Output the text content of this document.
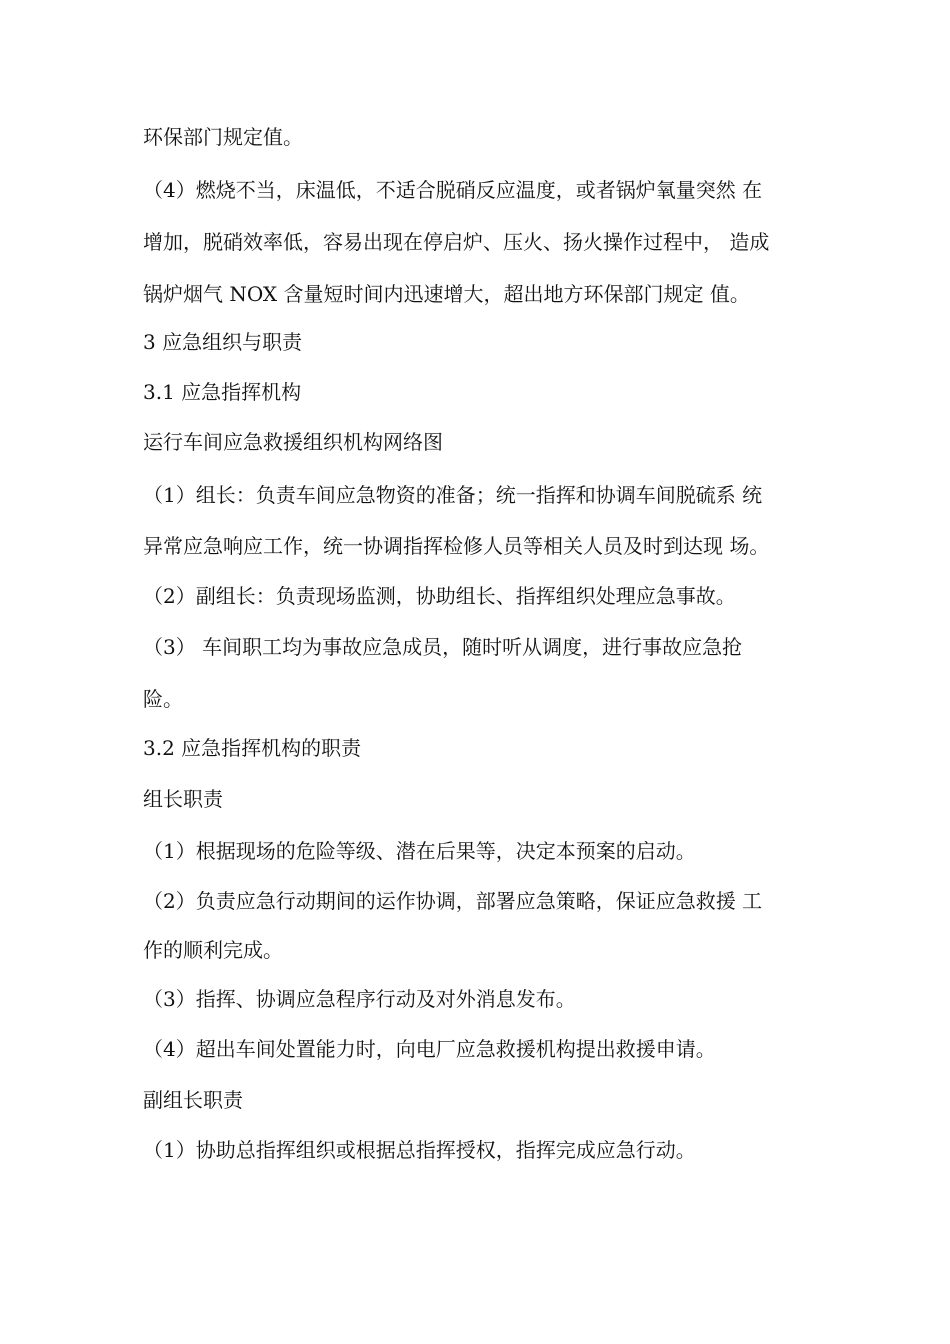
环保部门规定值。

（4）燃烧不当，床温低，不适合脱硝反应温度，或者锅炉氧量突然 在

增加，脱硝效率低，容易出现在停启炉、压火、扬火操作过程中， 造成

锅炉烟气 NOX 含量短时间内迅速增大，超出地方环保部门规定 值。

3 应急组织与职责

3.1 应急指挥机构

运行车间应急救援组织机构网络图

（1）组长：负责车间应急物资的准备；统一指挥和协调车间脱硫系 统

异常应急响应工作，统一协调指挥检修人员等相关人员及时到达现 场。

（2）副组长：负责现场监测，协助组长、指挥组织处理应急事故。

（3） 车间职工均为事故应急成员，随时听从调度，进行事故应急抢

险。

3.2 应急指挥机构的职责

组长职责

（1）根据现场的危险等级、潜在后果等，决定本预案的启动。

（2）负责应急行动期间的运作协调，部署应急策略，保证应急救援 工

作的顺利完成。

（3）指挥、协调应急程序行动及对外消息发布。

（4）超出车间处置能力时，向电厂应急救援机构提出救援申请。

副组长职责

（1）协助总指挥组织或根据总指挥授权，指挥完成应急行动。
